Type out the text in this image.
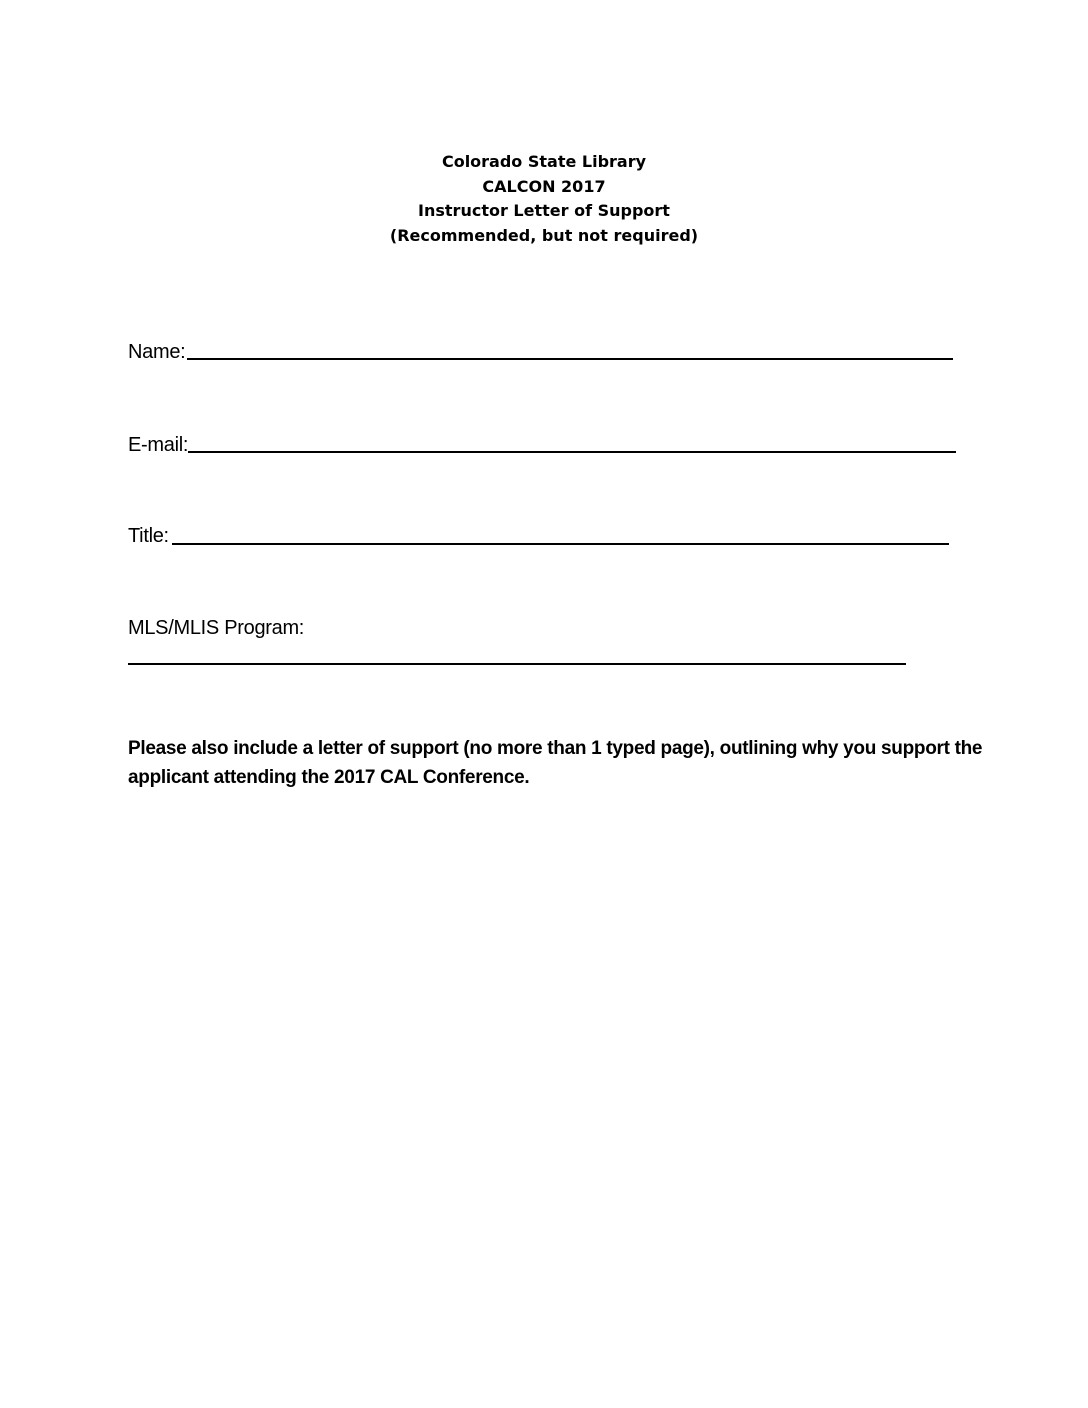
Colorado State Library
CALCON 2017
Instructor Letter of Support
(Recommended, but not required)
Name:
E-mail:
Title:
MLS/MLIS Program:
Please also include a letter of support (no more than 1 typed page), outlining why you support the
applicant attending the 2017 CAL Conference.
